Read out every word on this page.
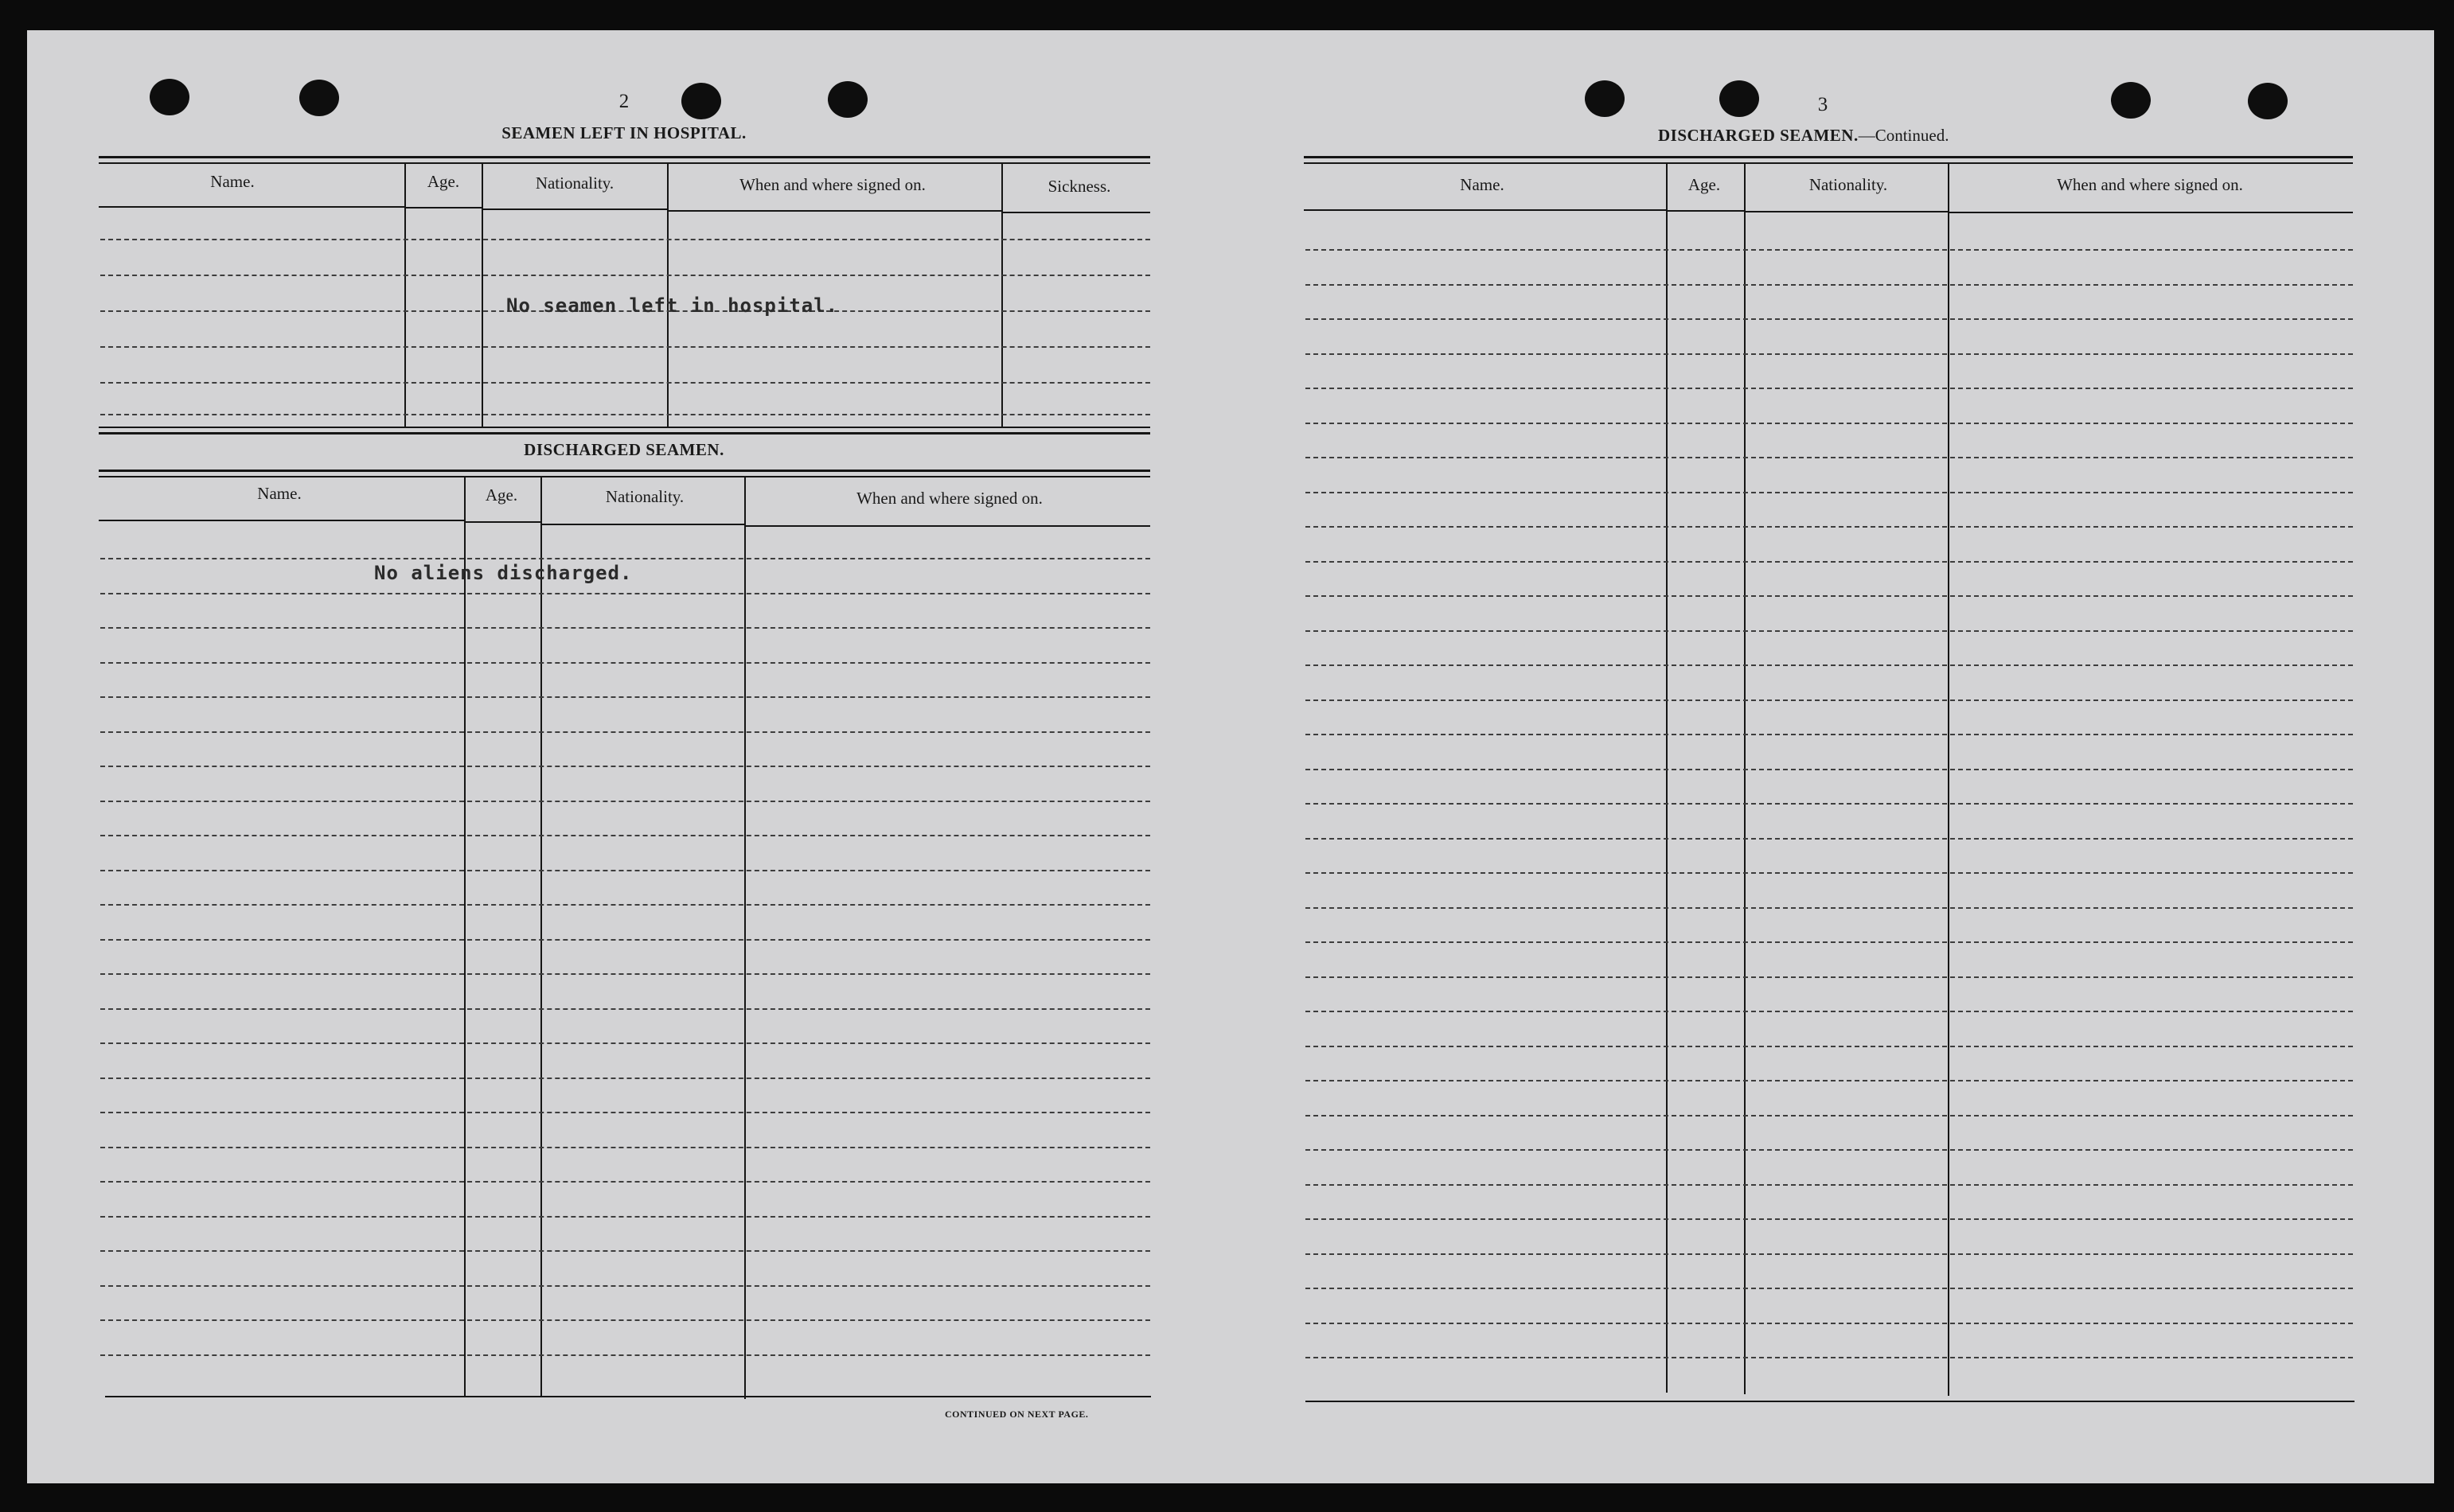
2
SEAMEN LEFT IN HOSPITAL.
Name.	Age.	Nationality.	When and where signed on.	Sickness.
No seamen left in hospital.
DISCHARGED SEAMEN.
Name.	Age.	Nationality.	When and where signed on.
No aliens discharged.
CONTINUED ON NEXT PAGE.
3
DISCHARGED SEAMEN.—Continued.
Name.	Age.	Nationality.	When and where signed on.
